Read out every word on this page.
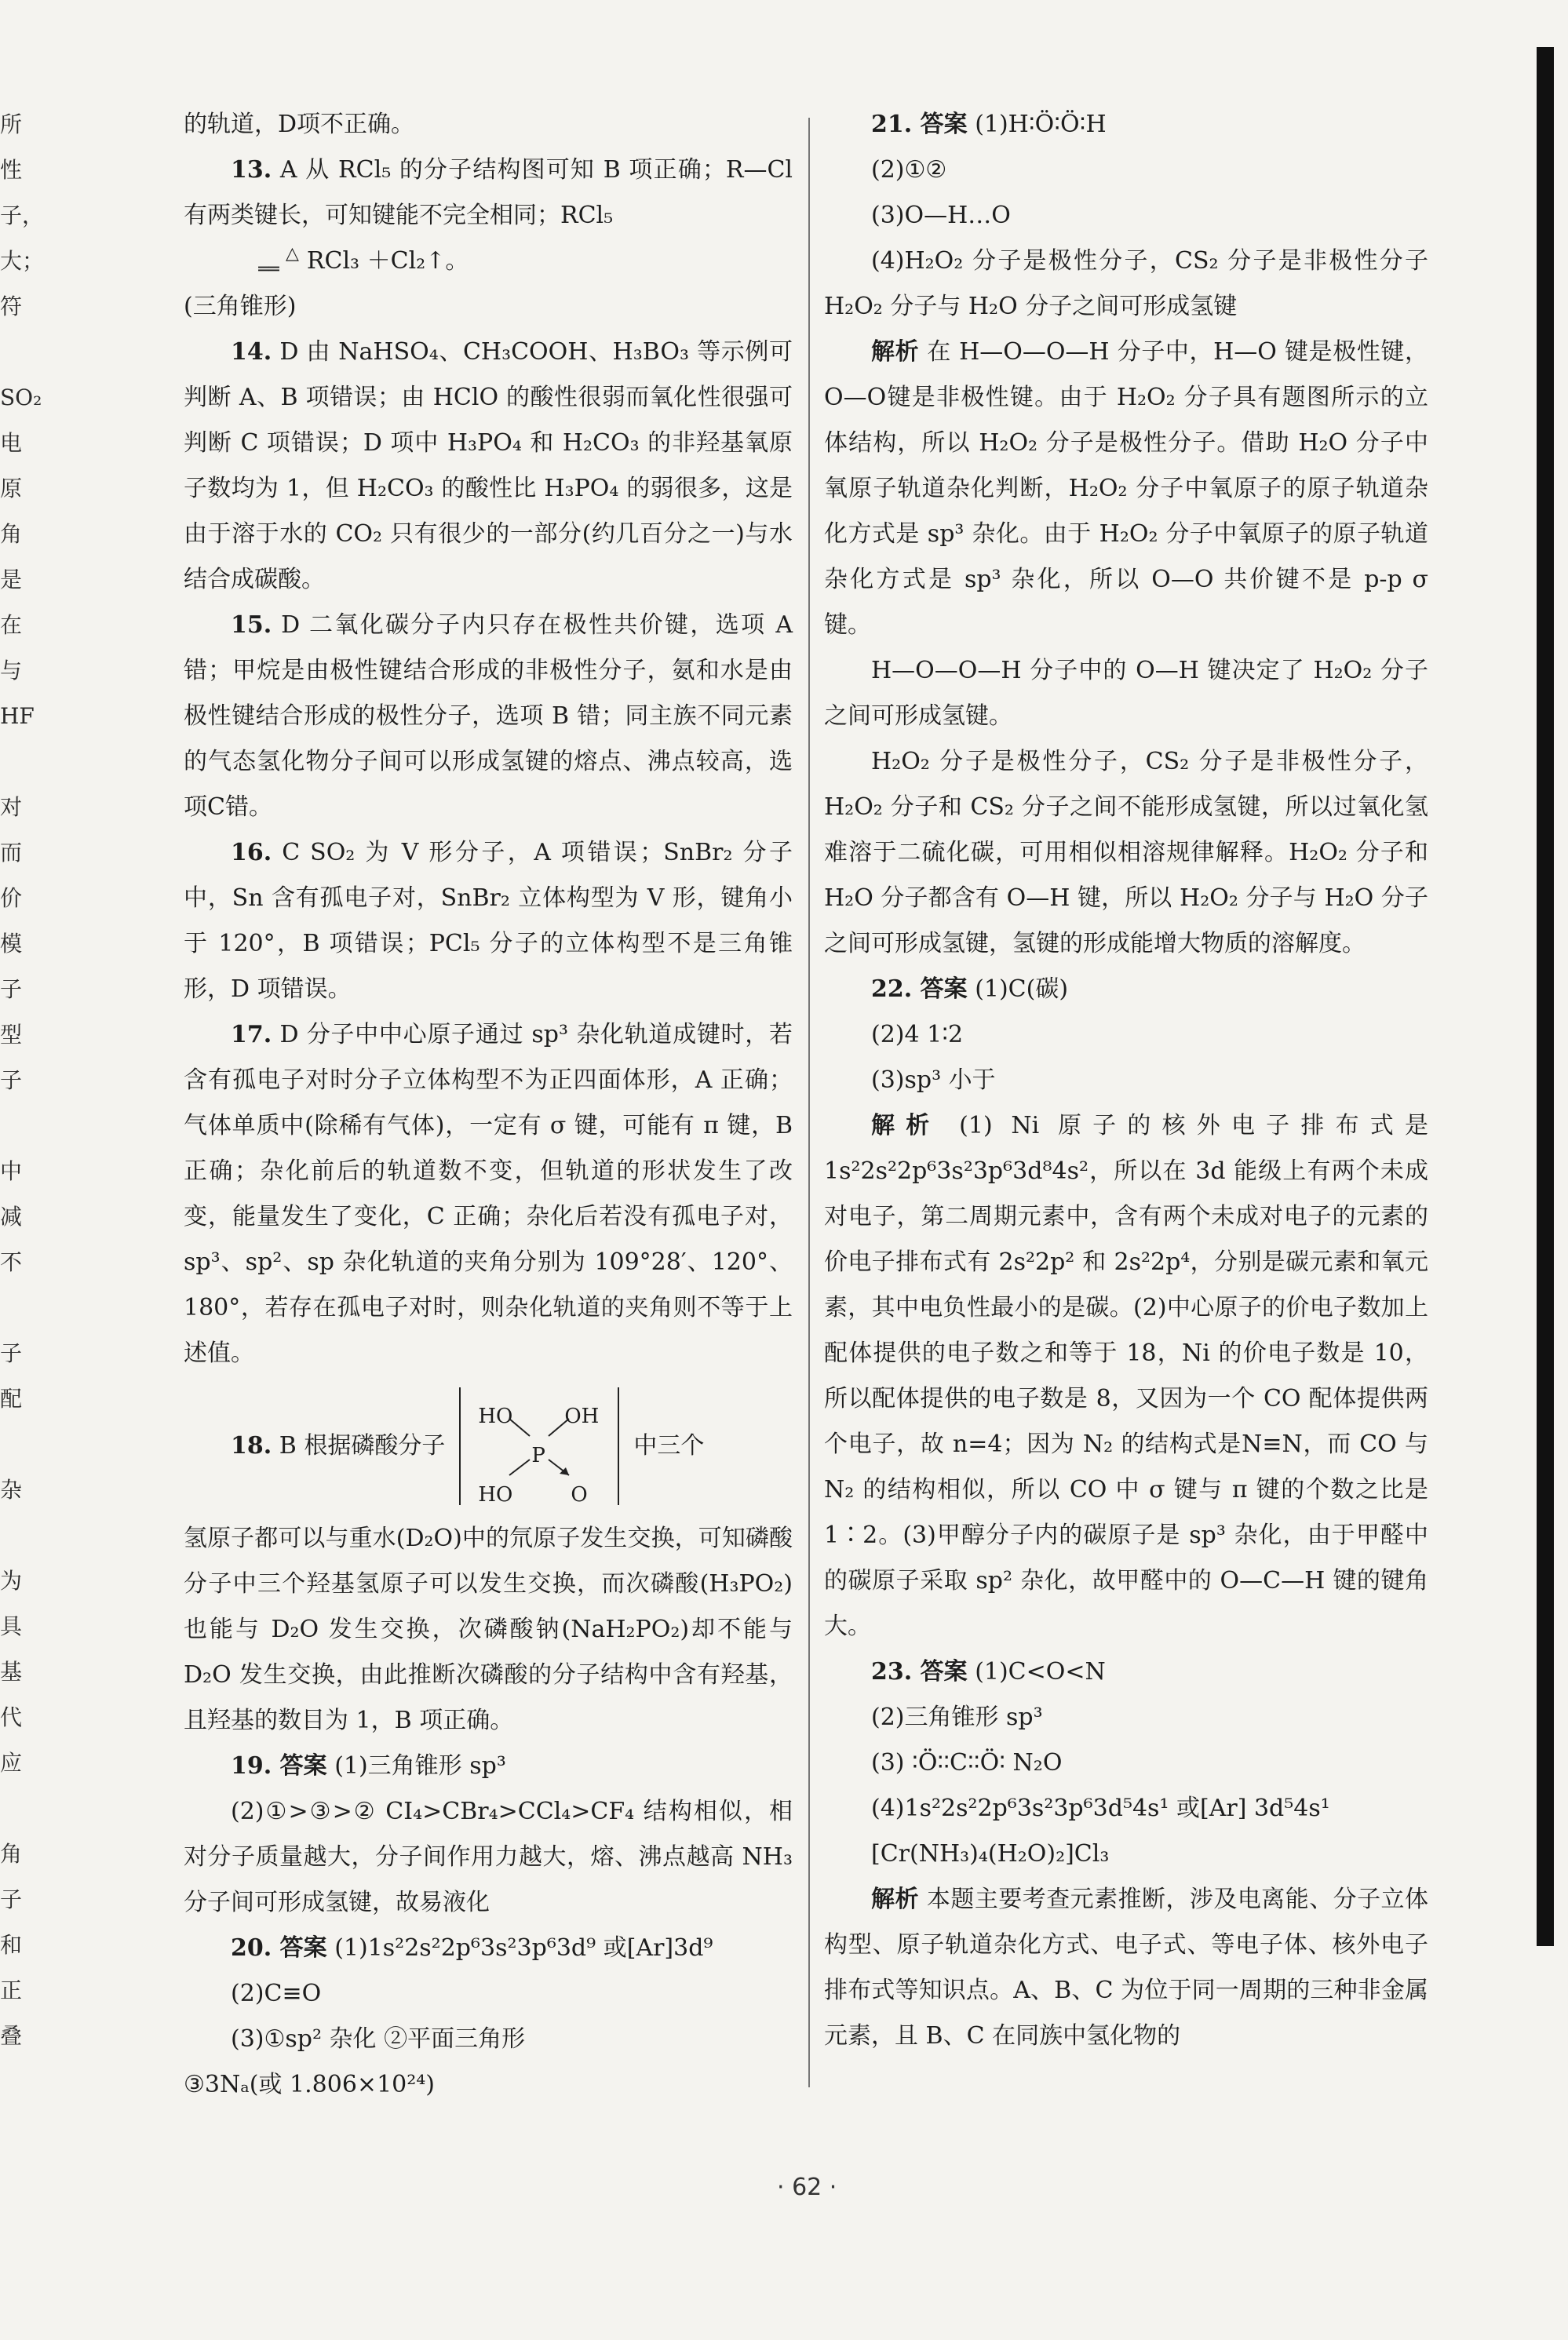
所
性
子，
大；
符
SO₂
电
原
角
是
在
与
HF
对
而
价
模
子
型
子
中
减
不
子
配
杂
为
具
基
代
应
角
子
和
正
叠

的轨道，D项不正确。

13. A 从 RCl₅ 的分子结构图可知 B 项正确；R—Cl 有两类键长，可知键能不完全相同；RCl₅

△
══ RCl₃ ＋Cl₂↑。

(三角锥形)

14. D 由 NaHSO₄、CH₃COOH、H₃BO₃ 等示例可判断 A、B 项错误；由 HClO 的酸性很弱而氧化性很强可判断 C 项错误；D 项中 H₃PO₄ 和 H₂CO₃ 的非羟基氧原子数均为 1，但 H₂CO₃ 的酸性比 H₃PO₄ 的弱很多，这是由于溶于水的 CO₂ 只有很少的一部分(约几百分之一)与水结合成碳酸。

15. D 二氧化碳分子内只存在极性共价键，选项 A 错；甲烷是由极性键结合形成的非极性分子，氨和水是由极性键结合形成的极性分子，选项 B 错；同主族不同元素的气态氢化物分子间可以形成氢键的熔点、沸点较高，选项C错。

16. C SO₂ 为 V 形分子，A 项错误；SnBr₂ 分子中，Sn 含有孤电子对，SnBr₂ 立体构型为 V 形，键角小于 120°，B 项错误；PCl₅ 分子的立体构型不是三角锥形，D 项错误。

17. D 分子中中心原子通过 sp³ 杂化轨道成键时，若含有孤电子对时分子立体构型不为正四面体形，A 正确；气体单质中(除稀有气体)，一定有 σ 键，可能有 π 键，B 正确；杂化前后的轨道数不变，但轨道的形状发生了改变，能量发生了变化，C 正确；杂化后若没有孤电子对，sp³、sp²、sp 杂化轨道的夹角分别为 109°28′、120°、180°，若存在孤电子对时，则杂化轨道的夹角则不等于上述值。

18. B 根据磷酸分子
HO	OH
P
HO	O
中三个

氢原子都可以与重水(D₂O)中的氘原子发生交换，可知磷酸分子中三个羟基氢原子可以发生交换，而次磷酸(H₃PO₂)也能与 D₂O 发生交换，次磷酸钠(NaH₂PO₂)却不能与 D₂O 发生交换，由此推断次磷酸的分子结构中含有羟基，且羟基的数目为 1，B 项正确。

19. 答案 (1)三角锥形 sp³

(2)①>③>② CI₄>CBr₄>CCl₄>CF₄ 结构相似，相对分子质量越大，分子间作用力越大，熔、沸点越高 NH₃ 分子间可形成氢键，故易液化

20. 答案 (1)1s²2s²2p⁶3s²3p⁶3d⁹ 或[Ar]3d⁹

(2)C≡O

(3)①sp² 杂化 ②平面三角形

③3Nₐ(或 1.806×10²⁴)

21. 答案 (1)H∶Ö∶Ö∶H

(2)①②

(3)O—H…O

(4)H₂O₂ 分子是极性分子，CS₂ 分子是非极性分子 H₂O₂ 分子与 H₂O 分子之间可形成氢键

解析 在 H—O—O—H 分子中，H—O 键是极性键，O—O键是非极性键。由于 H₂O₂ 分子具有题图所示的立体结构，所以 H₂O₂ 分子是极性分子。借助 H₂O 分子中氧原子轨道杂化判断，H₂O₂ 分子中氧原子的原子轨道杂化方式是 sp³ 杂化。由于 H₂O₂ 分子中氧原子的原子轨道杂化方式是 sp³ 杂化，所以 O—O 共价键不是 p-p σ 键。

H—O—O—H 分子中的 O—H 键决定了 H₂O₂ 分子之间可形成氢键。

H₂O₂ 分子是极性分子，CS₂ 分子是非极性分子，H₂O₂ 分子和 CS₂ 分子之间不能形成氢键，所以过氧化氢难溶于二硫化碳，可用相似相溶规律解释。H₂O₂ 分子和 H₂O 分子都含有 O—H 键，所以 H₂O₂ 分子与 H₂O 分子之间可形成氢键，氢键的形成能增大物质的溶解度。

22. 答案 (1)C(碳)

(2)4 1∶2

(3)sp³ 小于

解析 (1) Ni 原子的核外电子排布式是 1s²2s²2p⁶3s²3p⁶3d⁸4s²，所以在 3d 能级上有两个未成对电子，第二周期元素中，含有两个未成对电子的元素的价电子排布式有 2s²2p² 和 2s²2p⁴，分别是碳元素和氧元素，其中电负性最小的是碳。(2)中心原子的价电子数加上配体提供的电子数之和等于 18，Ni 的价电子数是 10，所以配体提供的电子数是 8，又因为一个 CO 配体提供两个电子，故 n=4；因为 N₂ 的结构式是N≡N，而 CO 与 N₂ 的结构相似，所以 CO 中 σ 键与 π 键的个数之比是 1∶2。(3)甲醇分子内的碳原子是 sp³ 杂化，由于甲醛中的碳原子采取 sp² 杂化，故甲醛中的 O—C—H 键的键角大。

23. 答案 (1)C<O<N

(2)三角锥形 sp³

(3) ∶Ö∶∶C∶∶Ö∶ N₂O

(4)1s²2s²2p⁶3s²3p⁶3d⁵4s¹ 或[Ar] 3d⁵4s¹

[Cr(NH₃)₄(H₂O)₂]Cl₃

解析 本题主要考查元素推断，涉及电离能、分子立体构型、原子轨道杂化方式、电子式、等电子体、核外电子排布式等知识点。A、B、C 为位于同一周期的三种非金属元素，且 B、C 在同族中氢化物的

· 62 ·
